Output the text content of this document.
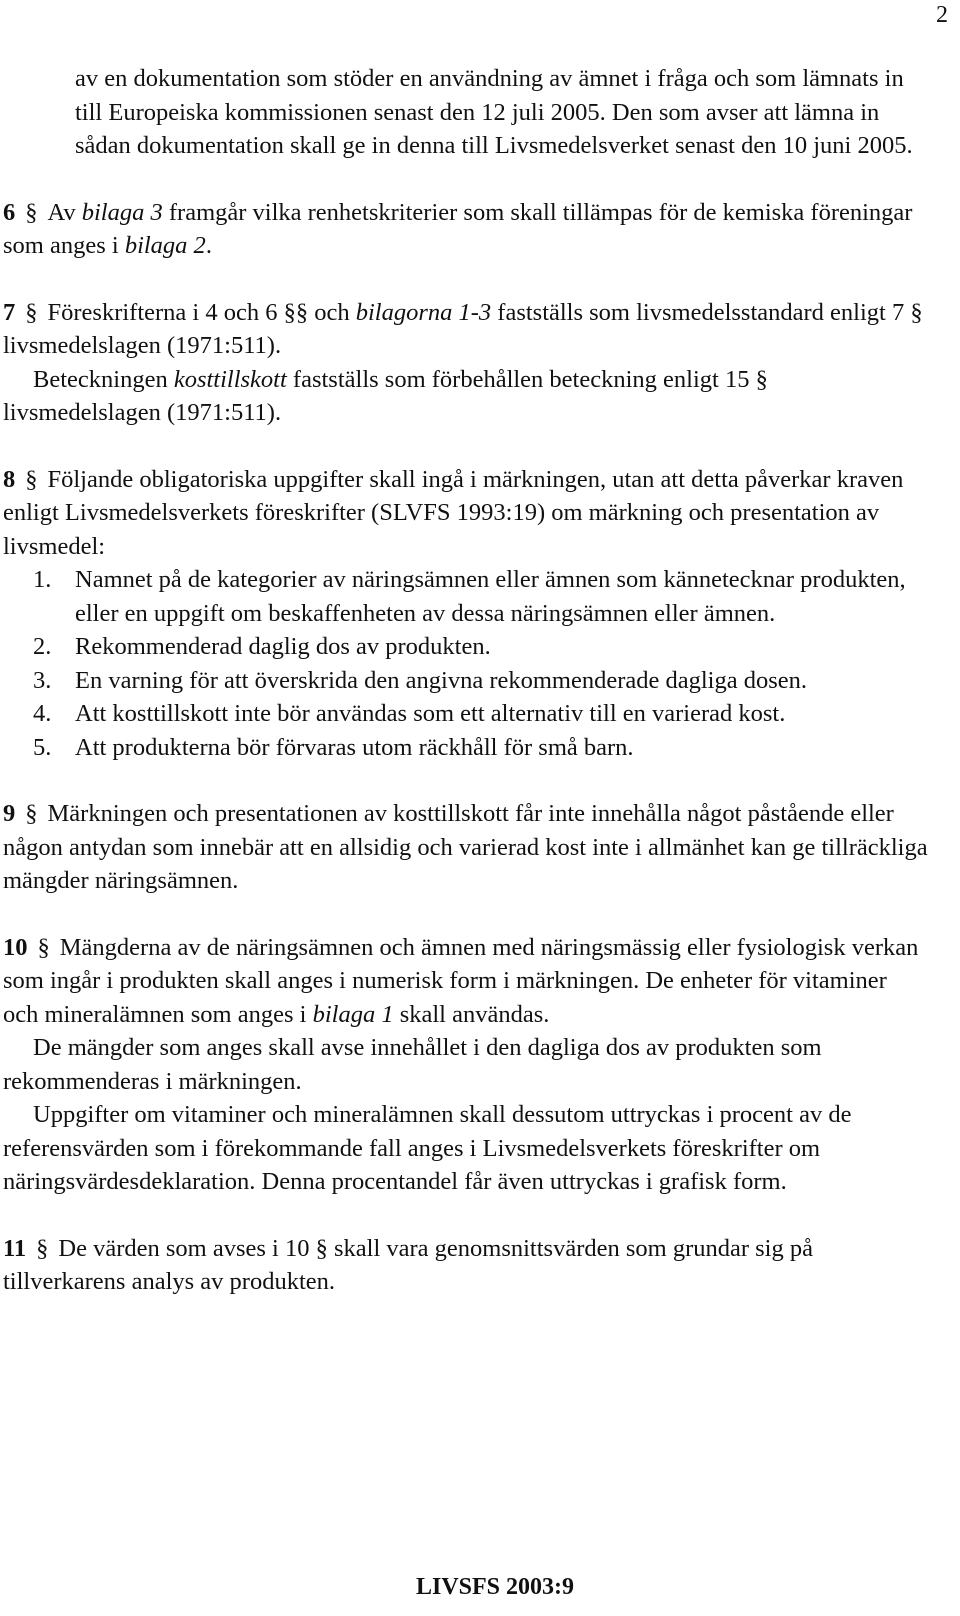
2

av en dokumentation som stöder en användning av ämnet i fråga och som lämnats in till Europeiska kommissionen senast den 12 juli 2005. Den som avser att lämna in sådan dokumentation skall ge in denna till Livsmedelsverket senast den 10 juni 2005.

6 § Av bilaga 3 framgår vilka renhetskriterier som skall tillämpas för de kemiska föreningar som anges i bilaga 2.

7 § Föreskrifterna i 4 och 6 §§ och bilagorna 1-3 fastställs som livsmedelsstandard enligt 7 § livsmedelslagen (1971:511).

Beteckningen kosttillskott fastställs som förbehållen beteckning enligt 15 § livsmedelslagen (1971:511).

8 § Följande obligatoriska uppgifter skall ingå i märkningen, utan att detta påverkar kraven enligt Livsmedelsverkets föreskrifter (SLVFS 1993:19) om märkning och presentation av livsmedel:

1. Namnet på de kategorier av näringsämnen eller ämnen som kännetecknar produkten, eller en uppgift om beskaffenheten av dessa näringsämnen eller ämnen.
2. Rekommenderad daglig dos av produkten.
3. En varning för att överskrida den angivna rekommenderade dagliga dosen.
4. Att kosttillskott inte bör användas som ett alternativ till en varierad kost.
5. Att produkterna bör förvaras utom räckhåll för små barn.

9 § Märkningen och presentationen av kosttillskott får inte innehålla något påstående eller någon antydan som innebär att en allsidig och varierad kost inte i allmänhet kan ge tillräckliga mängder näringsämnen.

10 § Mängderna av de näringsämnen och ämnen med näringsmässig eller fysiologisk verkan som ingår i produkten skall anges i numerisk form i märkningen. De enheter för vitaminer och mineralämnen som anges i bilaga 1 skall användas.

De mängder som anges skall avse innehållet i den dagliga dos av produkten som rekommenderas i märkningen.

Uppgifter om vitaminer och mineralämnen skall dessutom uttryckas i procent av de referensvärden som i förekommande fall anges i Livsmedelsverkets föreskrifter om näringsvärdesdeklaration. Denna procentandel får även uttryckas i grafisk form.

11 § De värden som avses i 10 § skall vara genomsnittsvärden som grundar sig på tillverkarens analys av produkten.

LIVSFS 2003:9
